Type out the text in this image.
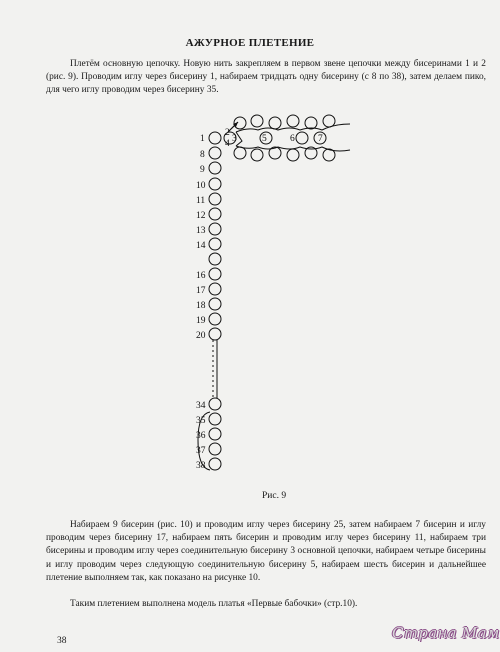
АЖУРНОЕ ПЛЕТЕНИЕ

Плетём основную цепочку. Новую нить закрепляем в первом звене цепочки между бисеринами 1 и 2 (рис. 9). Проводим иглу через бисерину 1, набираем тридцать одну бисерину (с 8 по 38), затем делаем пико, для чего иглу проводим через бисерину 35.

2
4 3	5 6 7
1
8
9
10
11
12
13
14
16
17
18
19
20
34
35
36
37
38
Рис. 9

Набираем 9 бисерин (рис. 10) и проводим иглу через бисерину 25, затем набираем 7 бисерин и иглу проводим через бисерину 17, набираем пять бисерин и проводим иглу через бисерину 11, набираем три бисерины и проводим иглу через соединительную бисерину 3 основной цепочки, набираем четыре бисерины и иглу проводим через следующую соединительную бисерину 5, набираем шесть бисерин и дальнейшее плетение выполняем так, как показано на рисунке 10.

Таким плетением выполнена модель платья «Первые бабочки» (стр.10).

38	Страна Мам
